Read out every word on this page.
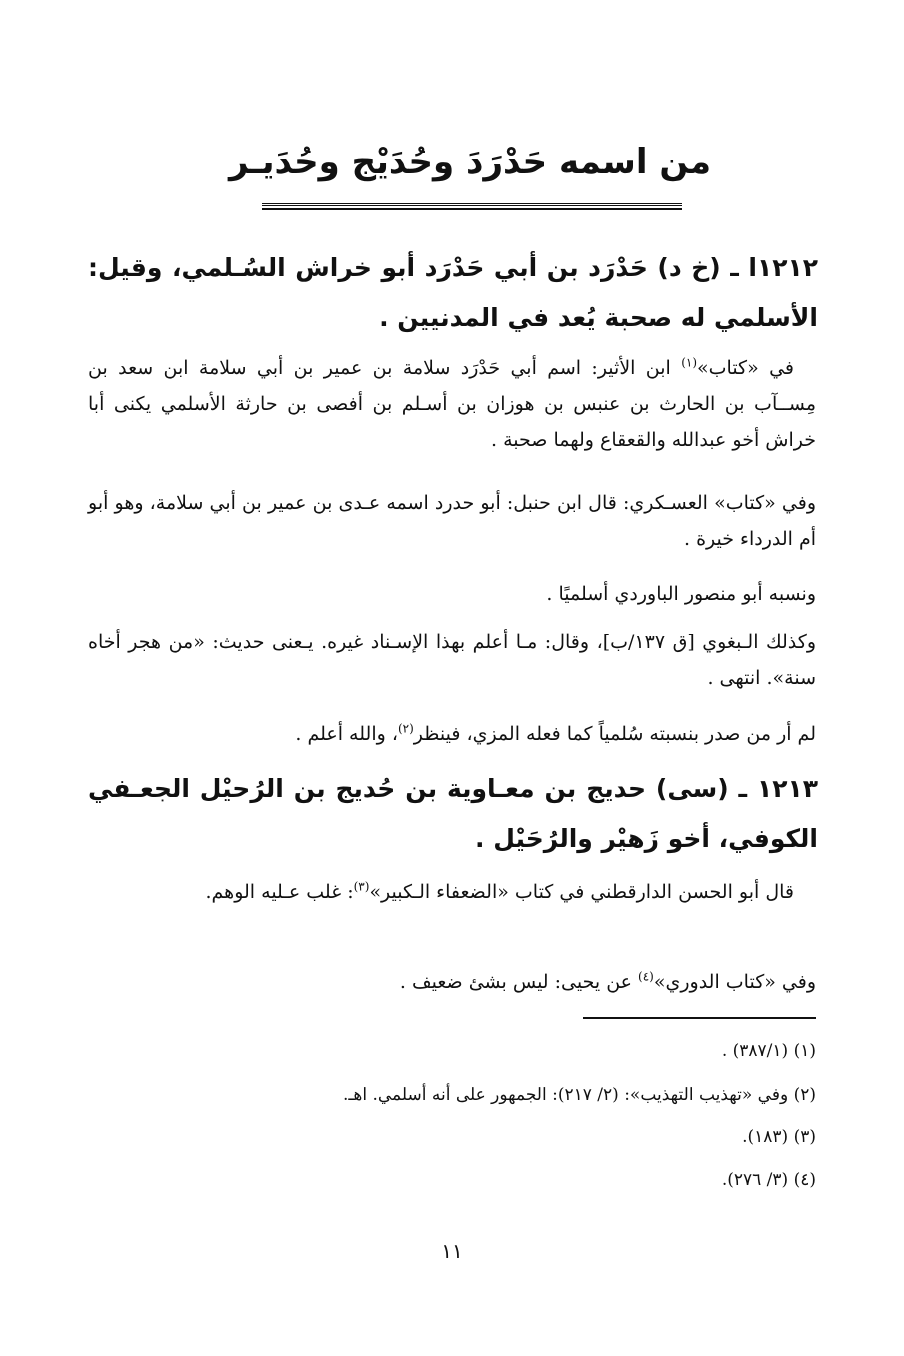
من اسمه حَدْرَدَ وحُدَيْج وحُدَيـر
١٢١٢ا ـ (خ د) حَدْرَد بن أبي حَدْرَد أبو خراش السُـلمي، وقيل: الأسلمي له صحبة يُعد في المدنيين .
في «كتاب»$^{(١)}$ ابن الأثير: اسم أبي حَدْرَد سلامة بن عمير بن أبي سلامة ابن سعد بن مِســآب بن الحارث بن عنبس بن هوزان بن أسـلم بن أفصى بن حارثة الأسلمي يكنى أبا خراش أخو عبدالله والقعقاع ولهما صحبة .
وفي «كتاب» العسـكري: قال ابن حنبل: أبو حدرد اسمه عـدى بن عمير بن أبي سلامة، وهو أبو أم الدرداء خيرة .
ونسبه أبو منصور الباوردي أسلميًا .
وكذلك الـبغوي [ق ١٣٧/ب]، وقال: مـا أعلم بهذا الإسـناد غيره. يـعنى حديث: «من هجر أخاه سنة». انتهى .
لم أر من صدر بنسبته سُلمياً كما فعله المزي، فينظر$^{(٢)}$، والله أعلم .
١٢١٣ ـ (سى) حديج بن معـاوية بن حُديج بن الرُحيْل الجعـفي الكوفي، أخو زَهيْر والرُحَيْل .
قال أبو الحسن الدارقطني في كتاب «الضعفاء الـكبير»$^{(٣)}$: غلب عـليه الوهم.
وفي «كتاب الدوري»$^{(٤)}$ عن يحيى: ليس بشئ ضعيف .
(١) (٣٨٧/١) .
(٢) وفي «تهذيب التهذيب»: (٢/ ٢١٧): الجمهور على أنه أسلمي. اهـ.
(٣) (١٨٣).
(٤) (٣/ ٢٧٦).
١١
